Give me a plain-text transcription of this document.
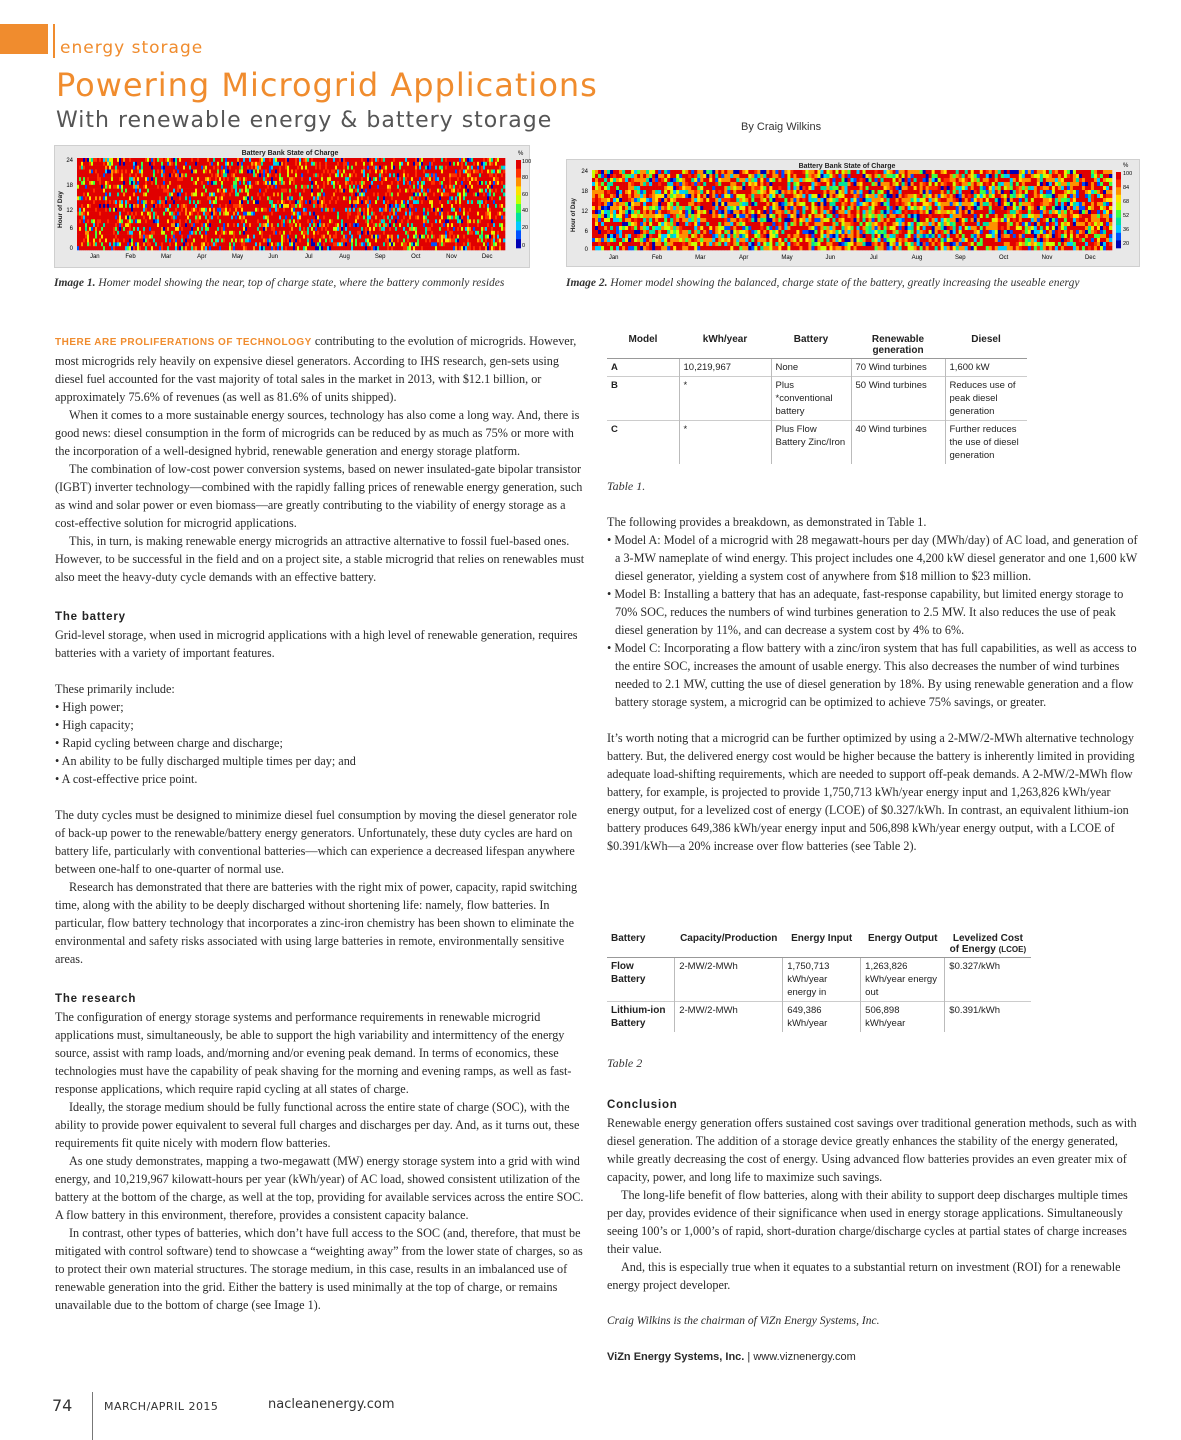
energy storage
Powering Microgrid Applications
With renewable energy & battery storage	By Craig Wilkins
Battery Bank State of Charge
Hour of Day
24
18
12
6
0
Jan	Feb	Mar	Apr	May	Jun	Jul	Aug	Sep	Oct	Nov	Dec
%
100
80
60
40
20
0
Image 1. Homer model showing the near, top of charge state, where the battery commonly resides
Battery Bank State of Charge
Hour of Day
24
18
12
6
0
Jan	Feb	Mar	Apr	May	Jun	Jul	Aug	Sep	Oct	Nov	Dec
%
100
84
68
52
36
20
Image 2. Homer model showing the balanced, charge state of the battery, greatly increasing the useable energy

THERE ARE PROLIFERATIONS OF TECHNOLOGY contributing to the evolution of microgrids. However, most microgrids rely heavily on expensive diesel generators. According to IHS research, gen-sets using diesel fuel accounted for the vast majority of total sales in the market in 2013, with $12.1 billion, or approximately 75.6% of revenues (as well as 81.6% of units shipped).

When it comes to a more sustainable energy sources, technology has also come a long way. And, there is good news: diesel consumption in the form of microgrids can be reduced by as much as 75% or more with the incorporation of a well-designed hybrid, renewable generation and energy storage platform.

The combination of low-cost power conversion systems, based on newer insulated-gate bipolar transistor (IGBT) inverter technology—combined with the rapidly falling prices of renewable energy generation, such as wind and solar power or even biomass—are greatly contributing to the viability of energy storage as a cost-effective solution for microgrid applications.

This, in turn, is making renewable energy microgrids an attractive alternative to fossil fuel-based ones. However, to be successful in the field and on a project site, a stable microgrid that relies on renewables must also meet the heavy-duty cycle demands with an effective battery.

The battery

Grid-level storage, when used in microgrid applications with a high level of renewable generation, requires batteries with a variety of important features.

These primarily include:

• High power;
• High capacity;
• Rapid cycling between charge and discharge;
• An ability to be fully discharged multiple times per day; and
• A cost-effective price point.

The duty cycles must be designed to minimize diesel fuel consumption by moving the diesel generator role of back-up power to the renewable/battery energy generators. Unfortunately, these duty cycles are hard on battery life, particularly with conventional batteries—which can experience a decreased lifespan anywhere between one-half to one-quarter of normal use.

Research has demonstrated that there are batteries with the right mix of power, capacity, rapid switching time, along with the ability to be deeply discharged without shortening life: namely, flow batteries. In particular, flow battery technology that incorporates a zinc-iron chemistry has been shown to eliminate the environmental and safety risks associated with using large batteries in remote, environmentally sensitive areas.

The research

The configuration of energy storage systems and performance requirements in renewable microgrid applications must, simultaneously, be able to support the high variability and intermittency of the energy source, assist with ramp loads, and/morning and/or evening peak demand. In terms of economics, these technologies must have the capability of peak shaving for the morning and evening ramps, as well as fast-response applications, which require rapid cycling at all states of charge.

Ideally, the storage medium should be fully functional across the entire state of charge (SOC), with the ability to provide power equivalent to several full charges and discharges per day. And, as it turns out, these requirements fit quite nicely with modern flow batteries.

As one study demonstrates, mapping a two-megawatt (MW) energy storage system into a grid with wind energy, and 10,219,967 kilowatt-hours per year (kWh/year) of AC load, showed consistent utilization of the battery at the bottom of the charge, as well at the top, providing for available services across the entire SOC. A flow battery in this environment, therefore, provides a consistent capacity balance.

In contrast, other types of batteries, which don’t have full access to the SOC (and, therefore, that must be mitigated with control software) tend to showcase a “weighting away” from the lower state of charges, so as to protect their own material structures. The storage medium, in this case, results in an imbalanced use of renewable generation into the grid. Either the battery is used minimally at the top of charge, or remains unavailable due to the bottom of charge (see Image 1).

Model	kWh/year	Battery	Renewable generation	Diesel
A	10,219,967	None	70 Wind turbines	1,600 kW
B	*	Plus *conventional battery	50 Wind turbines	Reduces use of peak diesel generation
C	*	Plus Flow Battery Zinc/Iron	40 Wind turbines	Further reduces the use of diesel generation
Table 1.

The following provides a breakdown, as demonstrated in Table 1.

• Model A: Model of a microgrid with 28 megawatt-hours per day (MWh/day) of AC load, and generation of a 3-MW nameplate of wind energy. This project includes one 4,200 kW diesel generator and one 1,600 kW diesel generator, yielding a system cost of anywhere from $18 million to $23 million.
• Model B: Installing a battery that has an adequate, fast-response capability, but limited energy storage to 70% SOC, reduces the numbers of wind turbines generation to 2.5 MW. It also reduces the use of peak diesel generation by 11%, and can decrease a system cost by 4% to 6%.
• Model C: Incorporating a flow battery with a zinc/iron system that has full capabilities, as well as access to the entire SOC, increases the amount of usable energy. This also decreases the number of wind turbines needed to 2.1 MW, cutting the use of diesel generation by 18%. By using renewable generation and a flow battery storage system, a microgrid can be optimized to achieve 75% savings, or greater.

It’s worth noting that a microgrid can be further optimized by using a 2-MW/2-MWh alternative technology battery. But, the delivered energy cost would be higher because the battery is inherently limited in providing adequate load-shifting requirements, which are needed to support off-peak demands. A 2-MW/2-MWh flow battery, for example, is projected to provide 1,750,713 kWh/year energy input and 1,263,826 kWh/year energy output, for a levelized cost of energy (LCOE) of $0.327/kWh. In contrast, an equivalent lithium-ion battery produces 649,386 kWh/year energy input and 506,898 kWh/year energy output, with a LCOE of $0.391/kWh—a 20% increase over flow batteries (see Table 2).

Battery	Capacity/Production	Energy Input	Energy Output	Levelized Cost of Energy (LCOE)
Flow Battery	2-MW/2-MWh	1,750,713 kWh/year energy in	1,263,826 kWh/year energy out	$0.327/kWh
Lithium-ion Battery	2-MW/2-MWh	649,386 kWh/year	506,898 kWh/year	$0.391/kWh
Table 2
Conclusion

Renewable energy generation offers sustained cost savings over traditional generation methods, such as with diesel generation. The addition of a storage device greatly enhances the stability of the energy generated, while greatly decreasing the cost of energy. Using advanced flow batteries provides an even greater mix of capacity, power, and long life to maximize such savings.

The long-life benefit of flow batteries, along with their ability to support deep discharges multiple times per day, provides evidence of their significance when used in energy storage applications. Simultaneously seeing 100’s or 1,000’s of rapid, short-duration charge/discharge cycles at partial states of charge increases their value.

And, this is especially true when it equates to a substantial return on investment (ROI) for a renewable energy project developer.

Craig Wilkins is the chairman of ViZn Energy Systems, Inc.

ViZn Energy Systems, Inc. | www.viznenergy.com
74	MARCH/APRIL 2015	nacleanenergy.com
